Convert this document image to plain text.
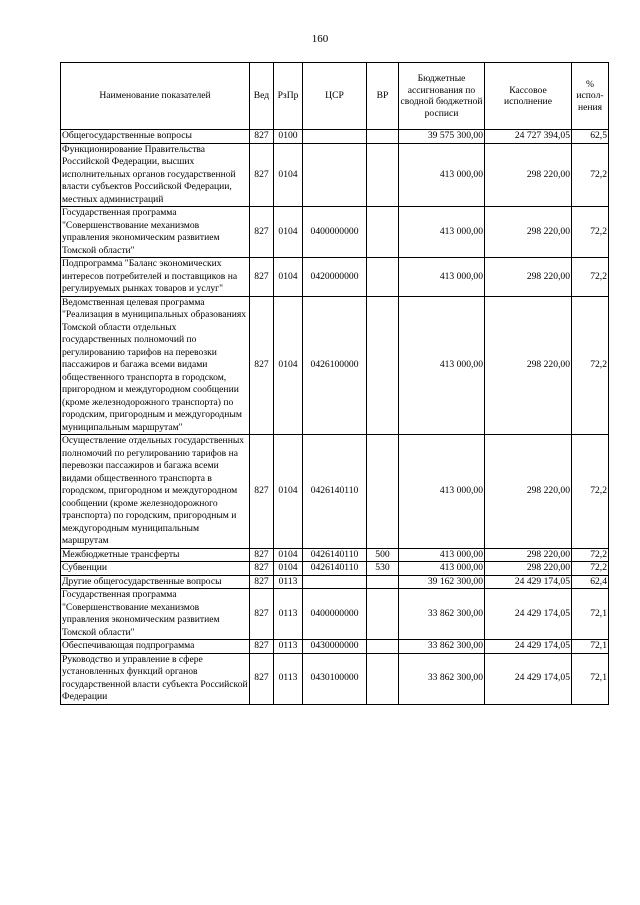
160
Наименование показателей	Вед	РзПр	ЦСР	ВР	Бюджетные ассигнования по сводной бюджетной росписи	Кассовое исполнение	% испол-нения
Общегосударственные вопросы	827	0100			39 575 300,00	24 727 394,05	62,5
Функционирование Правительства Российской Федерации, высших исполнительных органов государственной власти субъектов Российской Федерации, местных администраций	827	0104			413 000,00	298 220,00	72,2
Государственная программа "Совершенствование механизмов управления экономическим развитием Томской области"	827	0104	0400000000		413 000,00	298 220,00	72,2
Подпрограмма "Баланс экономических интересов потребителей и поставщиков на регулируемых рынках товаров и услуг"	827	0104	0420000000		413 000,00	298 220,00	72,2
Ведомственная целевая программа "Реализация в муниципальных образованиях Томской области отдельных государственных полномочий по регулированию тарифов на перевозки пассажиров и багажа всеми видами общественного транспорта в городском, пригородном и междугородном сообщении (кроме железнодорожного транспорта) по городским, пригородным и междугородным муниципальным маршрутам"	827	0104	0426100000		413 000,00	298 220,00	72,2
Осуществление отдельных государственных полномочий по регулированию тарифов на перевозки пассажиров и багажа всеми видами общественного транспорта в городском, пригородном и междугородном сообщении (кроме железнодорожного транспорта) по городским, пригородным и междугородным муниципальным маршрутам	827	0104	0426140110		413 000,00	298 220,00	72,2
Межбюджетные трансферты	827	0104	0426140110	500	413 000,00	298 220,00	72,2
Субвенции	827	0104	0426140110	530	413 000,00	298 220,00	72,2
Другие общегосударственные вопросы	827	0113			39 162 300,00	24 429 174,05	62,4
Государственная программа "Совершенствование механизмов управления экономическим развитием Томской области"	827	0113	0400000000		33 862 300,00	24 429 174,05	72,1
Обеспечивающая подпрограмма	827	0113	0430000000		33 862 300,00	24 429 174,05	72,1
Руководство и управление в сфере установленных функций органов государственной власти субъекта Российской Федерации	827	0113	0430100000		33 862 300,00	24 429 174,05	72,1
